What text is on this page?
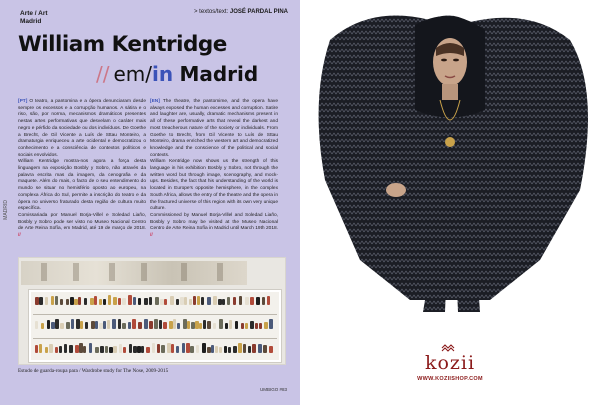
Arte / Art
Madrid
> textos/text: JOSÉ PARDAL PINA
William Kentridge
// em/in Madrid
MADRID

[PT] O teatro, a pantomina e a ópera denunciaram desde sempre os excessos e a corrupção humanos. A sátira e o riso, são, por norma, mecanismos dramáticos presentes nestas artes performativas que desvelam o caráter mais negro e pérfido da sociedade ou dos indivíduos. De Goethe a Brecht, de Gil Vicente a Luís de Sttau Monteiro, a dramaturgia enriqueceu a arte ocidental e democratizou o conhecimento e a consciência de contextos políticos e sociais envolvidos.

William Kentridge mostra-nos agora a força desta linguagem na exposição Bosbly y Sobro, não através da palavra escrita mas da imagem, da cenografia e da maquete. Além do mais, o facto de o seu entendimento do mundo se situar no hemisfério oposto ao europeu, na complexa África do Sul, permite a inscrição do teatro e da ópera no universo fraturado desta região de cultura muito específica.

Comissariada por Manuel Borja-Villel e Soledad Liaño, Bosbly y Sobro pode ser visto no Museo Nacional Centro de Arte Reina Sofía, em Madrid, até 19 de março de 2018. //

[EN] The theatre, the pantomime, and the opera have always exposed the human excesses and corruption. Satire and laughter are, usually, dramatic mechanisms present in all of these performative arts that reveal the darkest and most treacherous nature of the society or individuals. From Goethe to Brecht, from Gil Vicente to Luís de Sttau Monteiro, drama enriched the western art and democratized knowledge and the conscience of the political and social contexts.

William Kentridge now shows us the strength of this language in his exhibition Bosbly y Sobro, not through the written word but through image, scenography, and mock-ups. Besides, the fact that his understanding of the world is located in Europe's opposite hemisphere, in the complex South Africa, allows the entry of the theatre and the opera in the fractured universe of this region with its own very unique culture.

Commissioned by Manuel Borja-Villel and Soledad Liaño, Bosbly y Sobro may be visited at the Museo Nacional Centro de Arte Reina Sofía in Madrid until March 19th 2018. //

Estudo de guarda-roupa para / Wardrobe study for The Nose, 2009-2015
UMBIGO #83
kozii
WWW.KOZIISHOP.COM
